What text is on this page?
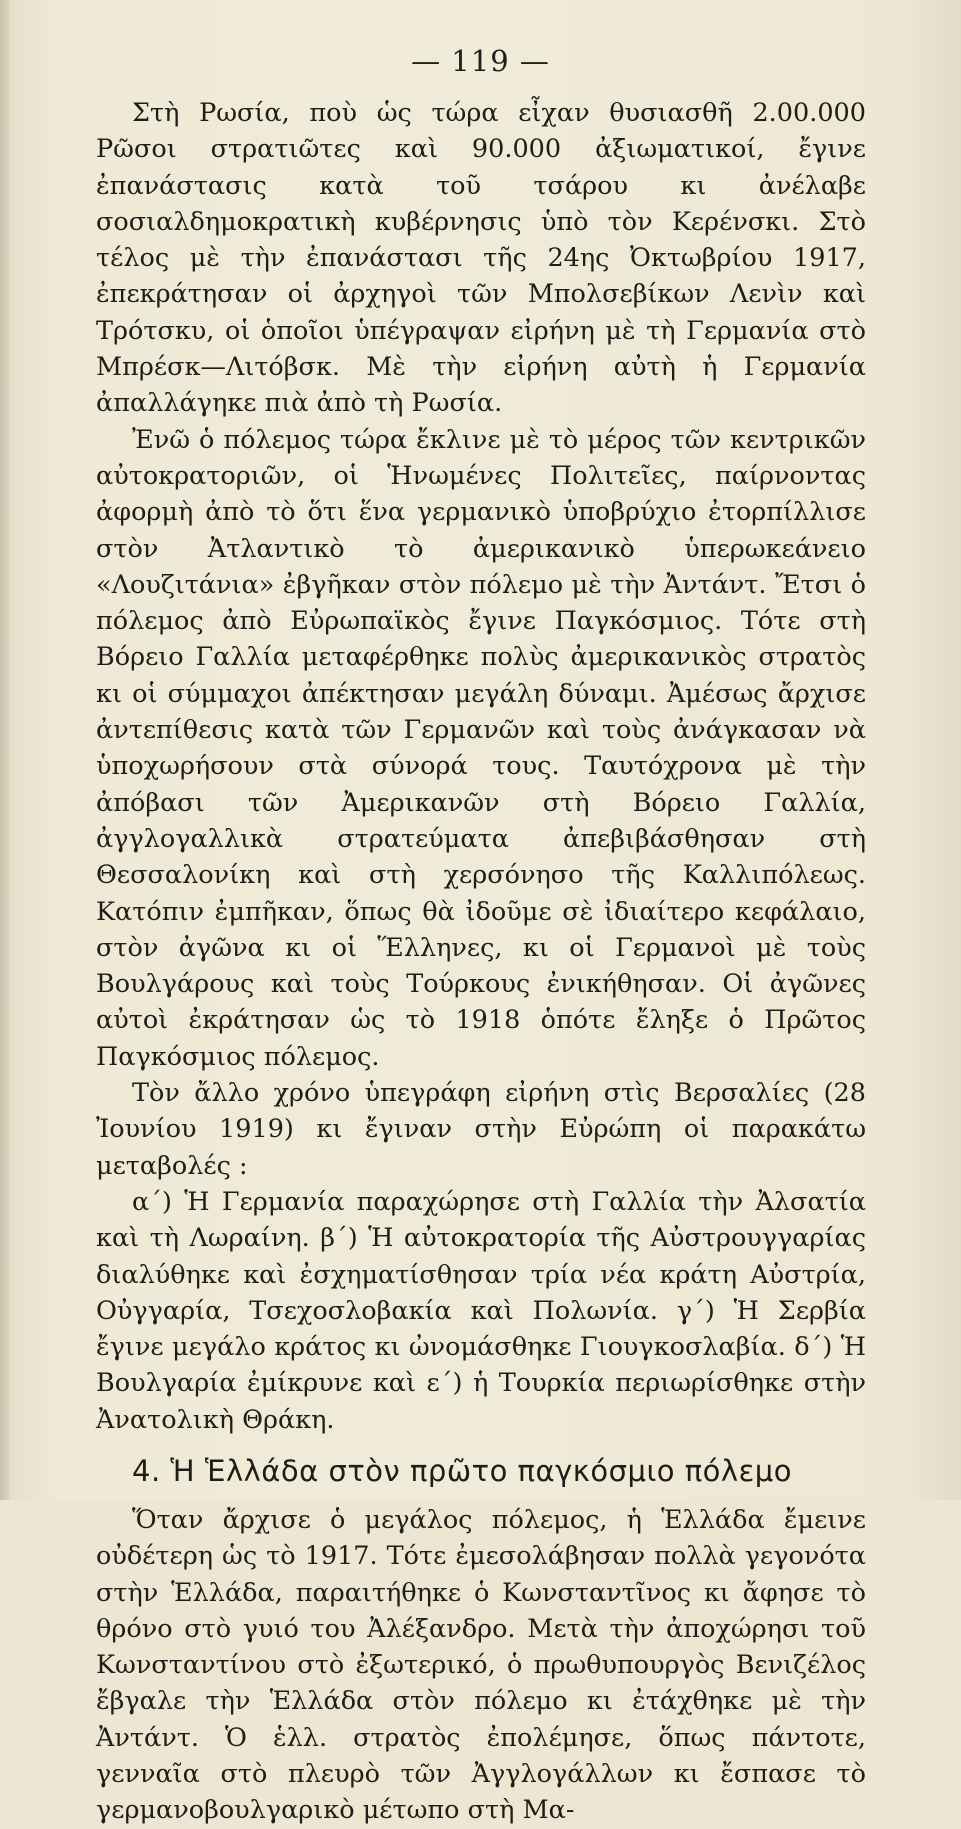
— 119 —

Στὴ Ρωσία, ποὺ ὡς τώρα εἶχαν θυσιασθῆ 2.00.000 Ρῶσοι στρατιῶτες καὶ 90.000 ἀξιωματικοί, ἔγινε ἐπανάστασις κατὰ τοῦ τσάρου κι ἀνέλαβε σοσιαλδημοκρατικὴ κυβέρνησις ὑπὸ τὸν Κερένσκι. Στὸ τέλος μὲ τὴν ἐπανάστασι τῆς 24ης Ὀκτωβρίου 1917, ἐπεκράτησαν οἱ ἀρχηγοὶ τῶν Μπολσεβίκων Λενὶν καὶ Τρότσκυ, οἱ ὁποῖοι ὑπέγραψαν εἰρήνη μὲ τὴ Γερμανία στὸ Μπρέσκ—Λιτόβσκ. Μὲ τὴν εἰρήνη αὐτὴ ἡ Γερμανία ἀπαλλάγηκε πιὰ ἀπὸ τὴ Ρωσία.

Ἐνῶ ὁ πόλεμος τώρα ἔκλινε μὲ τὸ μέρος τῶν κεντρικῶν αὐτοκρατοριῶν, οἱ Ἡνωμένες Πολιτεῖες, παίρνοντας ἀφορμὴ ἀπὸ τὸ ὅτι ἕνα γερμανικὸ ὑποβρύχιο ἐτορπίλλισε στὸν Ἀτλαντικὸ τὸ ἀμερικανικὸ ὑπερωκεάνειο «Λουζιτάνια» ἐβγῆκαν στὸν πόλεμο μὲ τὴν Ἀντάντ. Ἔτσι ὁ πόλεμος ἀπὸ Εὐρωπαϊκὸς ἔγινε Παγκόσμιος. Τότε στὴ Βόρειο Γαλλία μεταφέρθηκε πολὺς ἀμερικανικὸς στρατὸς κι οἱ σύμμαχοι ἀπέκτησαν μεγάλη δύναμι. Ἀμέσως ἄρχισε ἀντεπίθεσις κατὰ τῶν Γερμανῶν καὶ τοὺς ἀνάγκασαν νὰ ὑποχωρήσουν στὰ σύνορά τους. Ταυτόχρονα μὲ τὴν ἀπόβασι τῶν Ἀμερικανῶν στὴ Βόρειο Γαλλία, ἀγγλογαλλικὰ στρατεύματα ἀπεβιβάσθησαν στὴ Θεσσαλονίκη καὶ στὴ χερσόνησο τῆς Καλλιπόλεως. Κατόπιν ἐμπῆκαν, ὅπως θὰ ἰδοῦμε σὲ ἰδιαίτερο κεφάλαιο, στὸν ἀγῶνα κι οἱ Ἕλληνες, κι οἱ Γερμανοὶ μὲ τοὺς Βουλγάρους καὶ τοὺς Τούρκους ἐνικήθησαν. Οἱ ἀγῶνες αὐτοὶ ἐκράτησαν ὡς τὸ 1918 ὁπότε ἔληξε ὁ Πρῶτος Παγκόσμιος πόλεμος.

Τὸν ἄλλο χρόνο ὑπεγράφη εἰρήνη στὶς Βερσαλίες (28 Ἰουνίου 1919) κι ἔγιναν στὴν Εὐρώπη οἱ παρακάτω μεταβολές :

α΄) Ἡ Γερμανία παραχώρησε στὴ Γαλλία τὴν Ἀλσατία καὶ τὴ Λωραίνη. β΄) Ἡ αὐτοκρατορία τῆς Αὐστρουγγαρίας διαλύθηκε καὶ ἐσχηματίσθησαν τρία νέα κράτη Αὐστρία, Οὐγγαρία, Τσεχοσλοβακία καὶ Πολωνία. γ΄) Ἡ Σερβία ἔγινε μεγάλο κράτος κι ὠνομάσθηκε Γιουγκοσλαβία. δ΄) Ἡ Βουλγαρία ἐμίκρυνε καὶ ε΄) ἡ Τουρκία περιωρίσθηκε στὴν Ἀνατολικὴ Θράκη.

4. Ἡ Ἑλλάδα στὸν πρῶτο παγκόσμιο πόλεμο

Ὅταν ἄρχισε ὁ μεγάλος πόλεμος, ἡ Ἑλλάδα ἔμεινε οὐδέτερη ὡς τὸ 1917. Τότε ἐμεσολάβησαν πολλὰ γεγονότα στὴν Ἑλλάδα, παραιτήθηκε ὁ Κωνσταντῖνος κι ἄφησε τὸ θρόνο στὸ γυιό του Ἀλέξανδρο. Μετὰ τὴν ἀποχώρησι τοῦ Κωνσταντίνου στὸ ἐξωτερικό, ὁ πρωθυπουργὸς Βενιζέλος ἔβγαλε τὴν Ἑλλάδα στὸν πόλεμο κι ἐτάχθηκε μὲ τὴν Ἀντάντ. Ὁ ἑλλ. στρατὸς ἐπολέμησε, ὅπως πάντοτε, γενναῖα στὸ πλευρὸ τῶν Ἀγγλογάλλων κι ἔσπασε τὸ γερμανοβουλγαρικὸ μέτωπο στὴ Μα-
